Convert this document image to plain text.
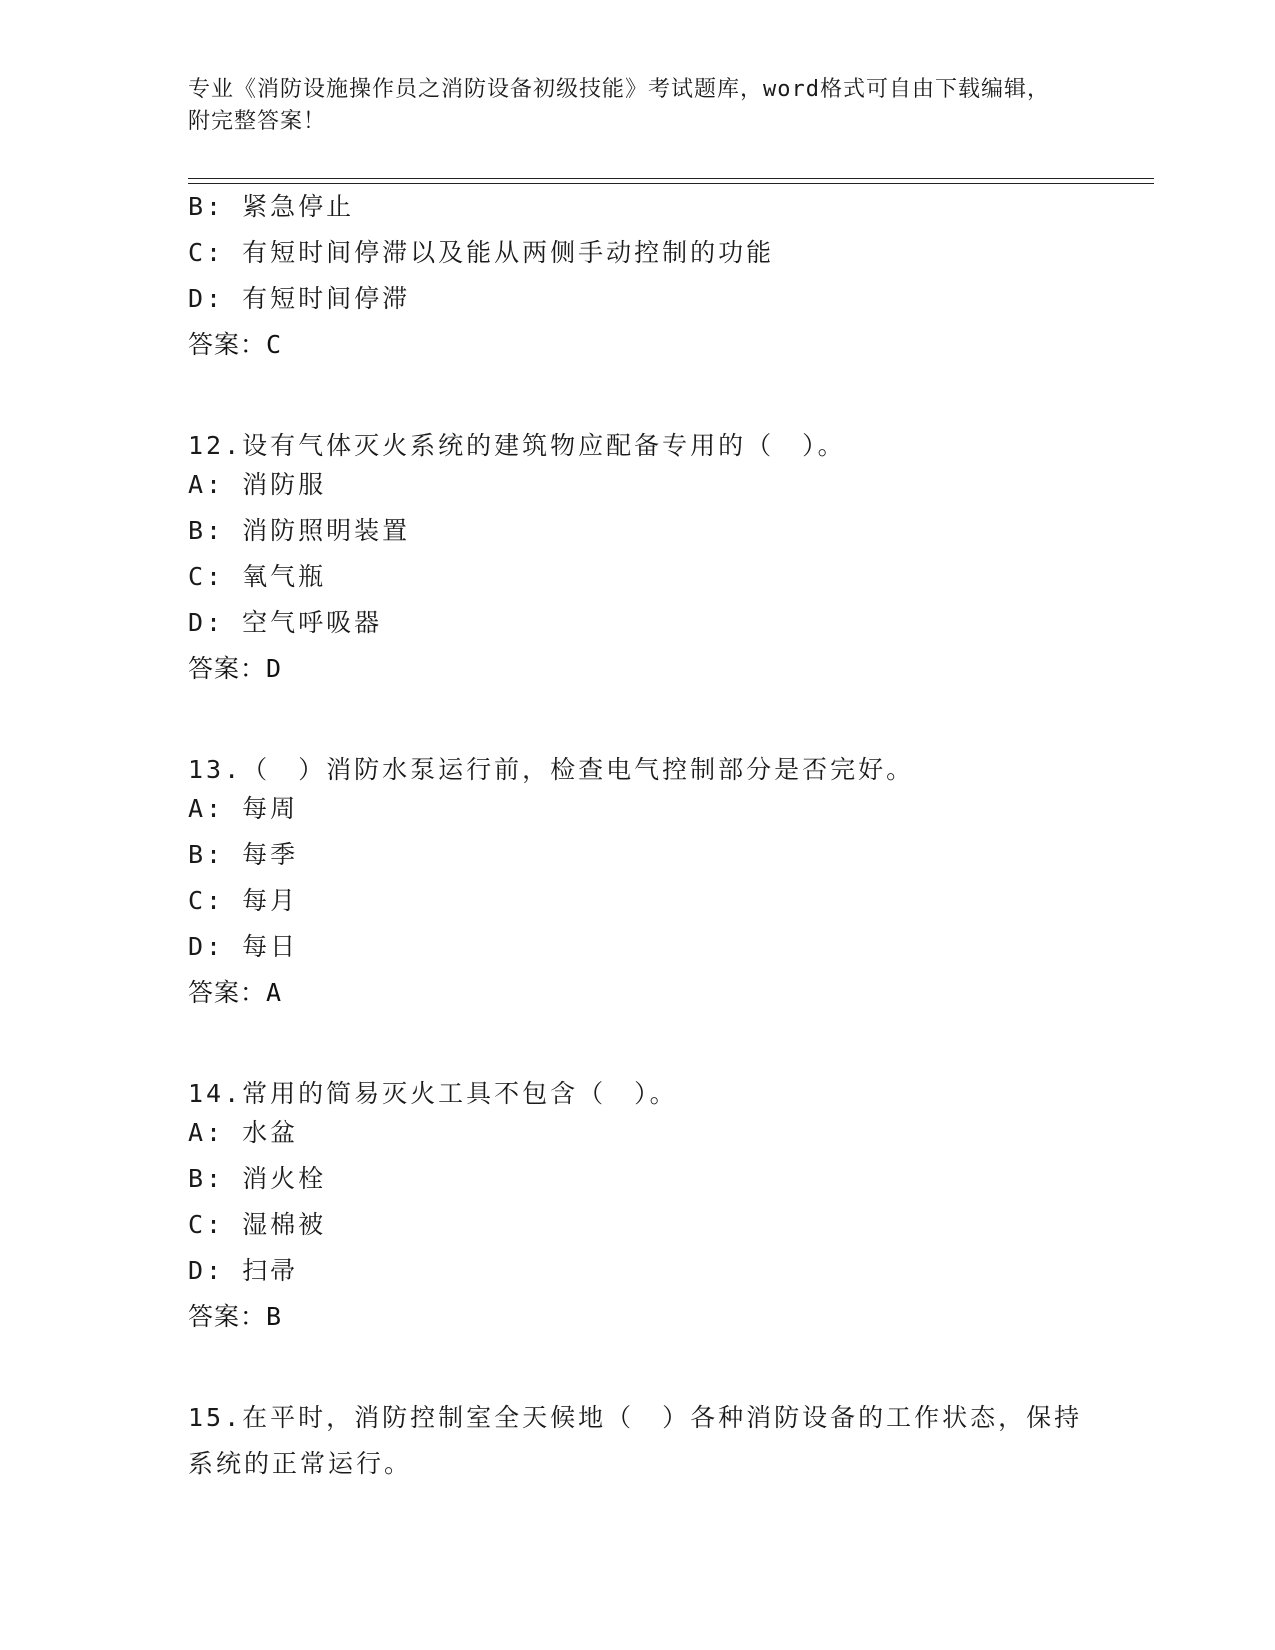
专业《消防设施操作员之消防设备初级技能》考试题库，word格式可自由下载编辑，附完整答案！
B: 紧急停止
C: 有短时间停滞以及能从两侧手动控制的功能
D: 有短时间停滞
答案：C
12.设有气体灭火系统的建筑物应配备专用的（　）。
A: 消防服
B: 消防照明装置
C: 氧气瓶
D: 空气呼吸器
答案：D
13.（　）消防水泵运行前，检查电气控制部分是否完好。
A: 每周
B: 每季
C: 每月
D: 每日
答案：A
14.常用的简易灭火工具不包含（　）。
A: 水盆
B: 消火栓
C: 湿棉被
D: 扫帚
答案：B
15.在平时，消防控制室全天候地（　）各种消防设备的工作状态，保持系统的正常运行。
